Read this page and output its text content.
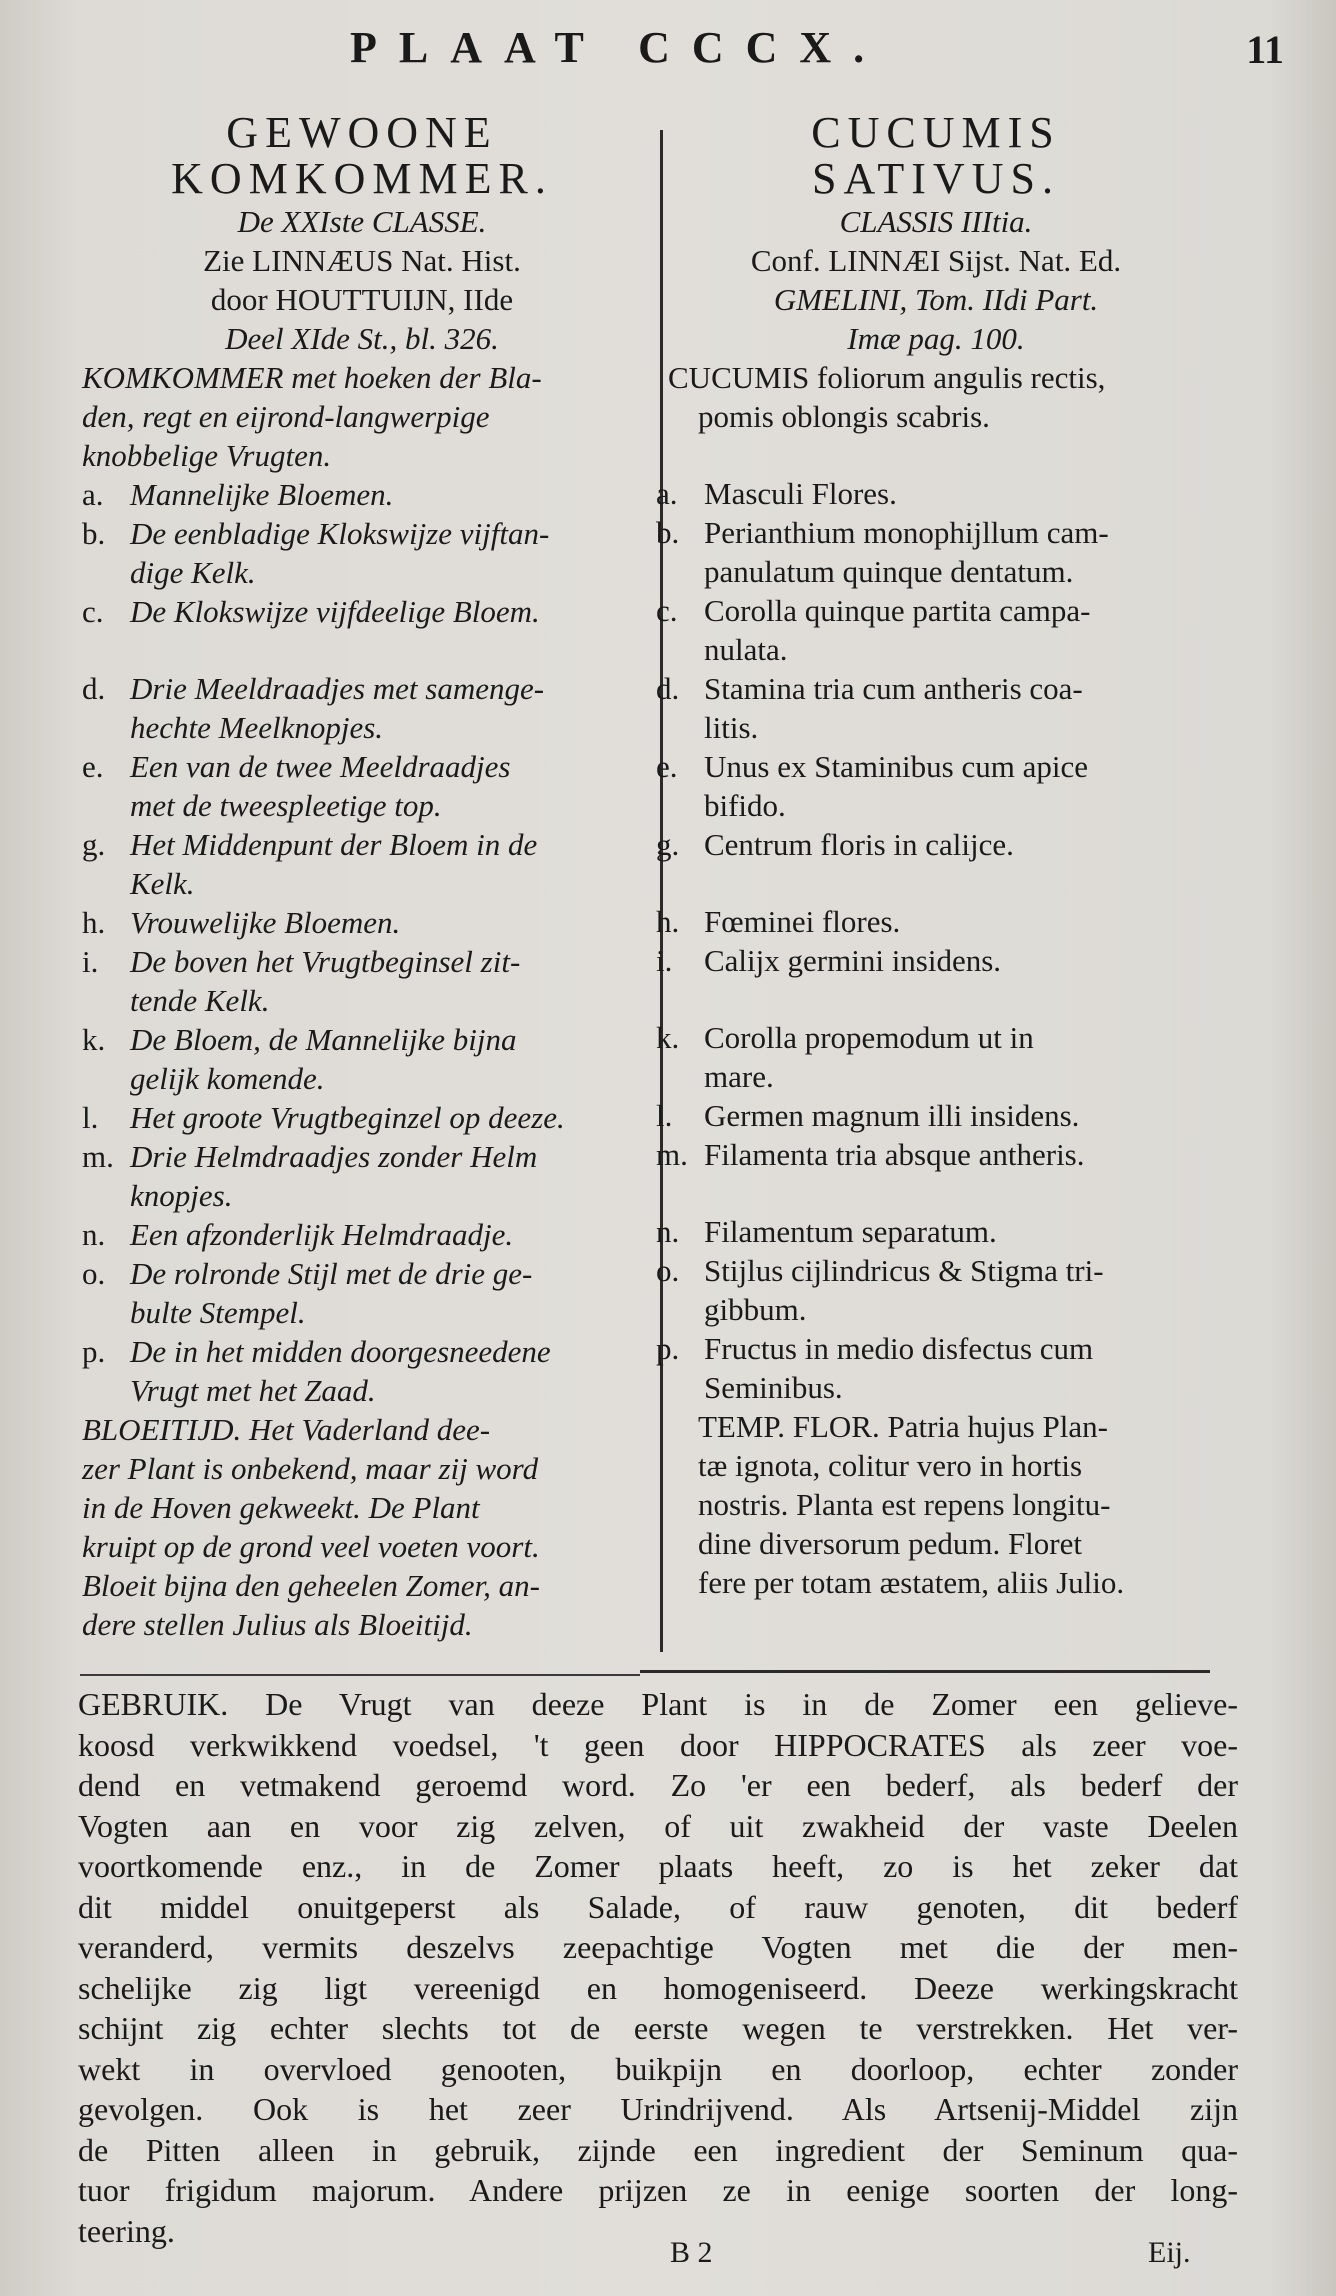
PLAAT CCCX.	11
GEWOONE
KOMKOMMER.
De XXIste CLASSE.
Zie LINNÆUS Nat. Hist.
door HOUTTUIJN, IIde
Deel XIde St., bl. 326.
KOMKOMMER met hoeken der Bla-
den, regt en eijrond-langwerpige
knobbelige Vrugten.
a. Mannelijke Bloemen.
b. De eenbladige Klokswijze vijftan-
dige Kelk.
c. De Klokswijze vijfdeelige Bloem.
d. Drie Meeldraadjes met samenge-
hechte Meelknopjes.
e. Een van de twee Meeldraadjes
met de tweespleetige top.
g. Het Middenpunt der Bloem in de
Kelk.
h. Vrouwelijke Bloemen.
i. De boven het Vrugtbeginsel zit-
tende Kelk.
k. De Bloem, de Mannelijke bijna
gelijk komende.
l. Het groote Vrugtbeginzel op deeze.
m. Drie Helmdraadjes zonder Helm
knopjes.
n. Een afzonderlijk Helmdraadje.
o. De rolronde Stijl met de drie ge-
bulte Stempel.
p. De in het midden doorgesneedene
Vrugt met het Zaad.
BLOEITIJD. Het Vaderland dee-
zer Plant is onbekend, maar zij word
in de Hoven gekweekt. De Plant
kruipt op de grond veel voeten voort.
Bloeit bijna den geheelen Zomer, an-
dere stellen Julius als Bloeitijd.
CUCUMIS
SATIVUS.
CLASSIS IIItia.
Conf. LINNÆI Sijst. Nat. Ed.
GMELINI, Tom. IIdi Part.
Imæ pag. 100.
CUCUMIS foliorum angulis rectis,
pomis oblongis scabris.
a. Masculi Flores.
b. Perianthium monophijllum cam-
panulatum quinque dentatum.
c. Corolla quinque partita campa-
nulata.
d. Stamina tria cum antheris coa-
litis.
e. Unus ex Staminibus cum apice
bifido.
g. Centrum floris in calijce.
h. Fœminei flores.
i. Calijx germini insidens.
k. Corolla propemodum ut in
mare.
l. Germen magnum illi insidens.
m. Filamenta tria absque antheris.
n. Filamentum separatum.
o. Stijlus cijlindricus & Stigma tri-
gibbum.
p. Fructus in medio disfectus cum
Seminibus.
TEMP. FLOR. Patria hujus Plan-
tæ ignota, colitur vero in hortis
nostris. Planta est repens longitu-
dine diversorum pedum. Floret
fere per totam æstatem, aliis Julio.
GEBRUIK. De Vrugt van deeze Plant is in de Zomer een gelieve-
koosd verkwikkend voedsel, 't geen door HIPPOCRATES als zeer voe-
dend en vetmakend geroemd word. Zo 'er een bederf, als bederf der
Vogten aan en voor zig zelven, of uit zwakheid der vaste Deelen
voortkomende enz., in de Zomer plaats heeft, zo is het zeker dat
dit middel onuitgeperst als Salade, of rauw genoten, dit bederf
veranderd, vermits deszelvs zeepachtige Vogten met die der men-
schelijke zig ligt vereenigd en homogeniseerd. Deeze werkingskracht
schijnt zig echter slechts tot de eerste wegen te verstrekken. Het ver-
wekt in overvloed genooten, buikpijn en doorloop, echter zonder
gevolgen. Ook is het zeer Urindrijvend. Als Artsenij-Middel zijn
de Pitten alleen in gebruik, zijnde een ingredient der Seminum qua-
tuor frigidum majorum. Andere prijzen ze in eenige soorten der long-
teering.
B 2	Eij.
